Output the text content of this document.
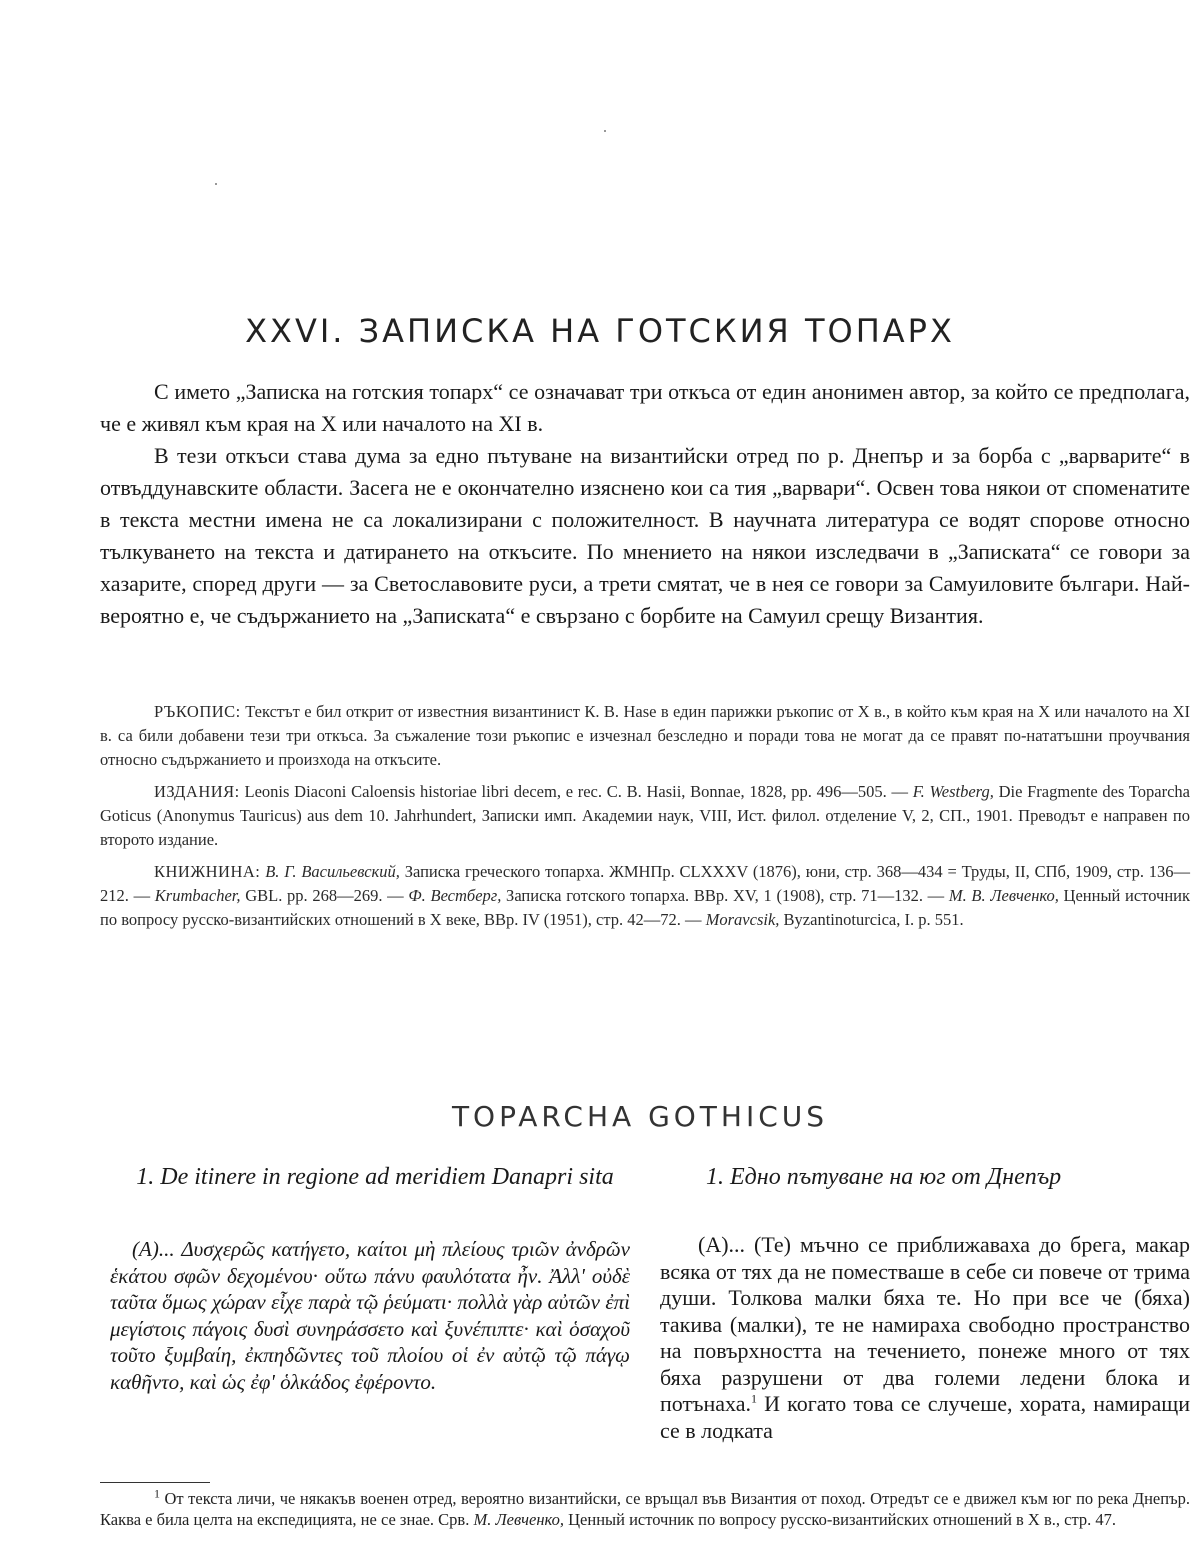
XXVI. ЗАПИСКА НА ГОТСКИЯ ТОПАРХ

С името „Записка на готския топарх“ се означават три откъса от един анонимен автор, за който се предполага, че е живял към края на X или началото на XI в.

В тези откъси става дума за едно пътуване на византийски отред по р. Днепър и за борба с „варварите“ в отвъддунавските области. Засега не е окончателно изяснено кои са тия „варвари“. Освен това някои от споменатите в текста местни имена не са локализирани с положителност. В научната литература се водят спорове относно тълкуването на текста и датирането на откъсите. По мнението на някои изследвачи в „Записката“ се говори за хазарите, според други — за Светославовите руси, а трети смятат, че в нея се говори за Самуиловите българи. Най-вероятно е, че съдържанието на „Записката“ е свързано с борбите на Самуил срещу Византия.

РЪКОПИС: Текстът е бил открит от известния византинист К. В. Hase в един парижки ръкопис от X в., в който към края на X или началото на XI в. са били добавени тези три откъса. За съжаление този ръкопис е изчезнал безследно и поради това не могат да се правят по-нататъшни проучвания относно съдържанието и произхода на откъсите.

ИЗДАНИЯ: Leonis Diaconi Caloensis historiae libri decem, e rec. C. B. Hasii, Bonnae, 1828, pp. 496—505. — F. Westberg, Die Fragmente des Toparcha Goticus (Anonymus Tauricus) aus dem 10. Jahrhundert, Записки имп. Академии наук, VIII, Ист. филол. отделение V, 2, СП., 1901. Преводът е направен по второто издание.

КНИЖНИНА: В. Г. Васильевский, Записка греческого топарха. ЖМНПр. CLXXXV (1876), юни, стр. 368—434 = Труды, II, СПб, 1909, стр. 136—212. — Krumbacher, GBL. pp. 268—269. — Ф. Вестберг, Записка готского топарха. ВВр. XV, 1 (1908), стр. 71—132. — М. В. Левченко, Ценный источник по вопросу русско-византийских отношений в X веке, ВВр. IV (1951), стр. 42—72. — Moravcsik, Byzantinoturcica, I. p. 551.

TOPARCHA GOTHICUS
1. De itinere in regione ad meridiem Danapri sita	1. Едно пътуване на юг от Днепър

(A)... Δυσχερῶς κατήγετο, καίτοι μὴ πλείους τριῶν ἀνδρῶν ἑκάτου σφῶν δεχομένου· οὕτω πάνυ φαυλότατα ἦν. Ἀλλ' οὐδὲ ταῦτα ὅμως χώραν εἶχε παρὰ τῷ ῥεύματι· πολλὰ γὰρ αὐτῶν ἐπὶ μεγίστοις πάγοις δυσὶ συνηράσσετο καὶ ξυνέπιπτε· καὶ ὁσαχοῦ τοῦτο ξυμβαίη, ἐκπηδῶντες τοῦ πλοίου οἱ ἐν αὐτῷ τῷ πάγῳ καθῆντο, καὶ ὡς ἐφ' ὁλκάδος ἐφέροντο.

(А)... (Те) мъчно се приближаваха до брега, макар всяка от тях да не поместваше в себе си повече от трима души. Толкова малки бяха те. Но при все че (бяха) такива (малки), те не намираха свободно пространство на повърхността на течението, понеже много от тях бяха разрушени от два големи ледени блока и потънаха.$^1$ И когато това се случеше, хората, намиращи се в лодката

$^1$ От текста личи, че някакъв военен отред, вероятно византийски, се връщал във Византия от поход. Отредът се е движел към юг по река Днепър. Каква е била целта на експедицията, не се знае. Срв. М. Левченко, Ценный источник по вопросу русско-византийских отношений в X в., стр. 47.
